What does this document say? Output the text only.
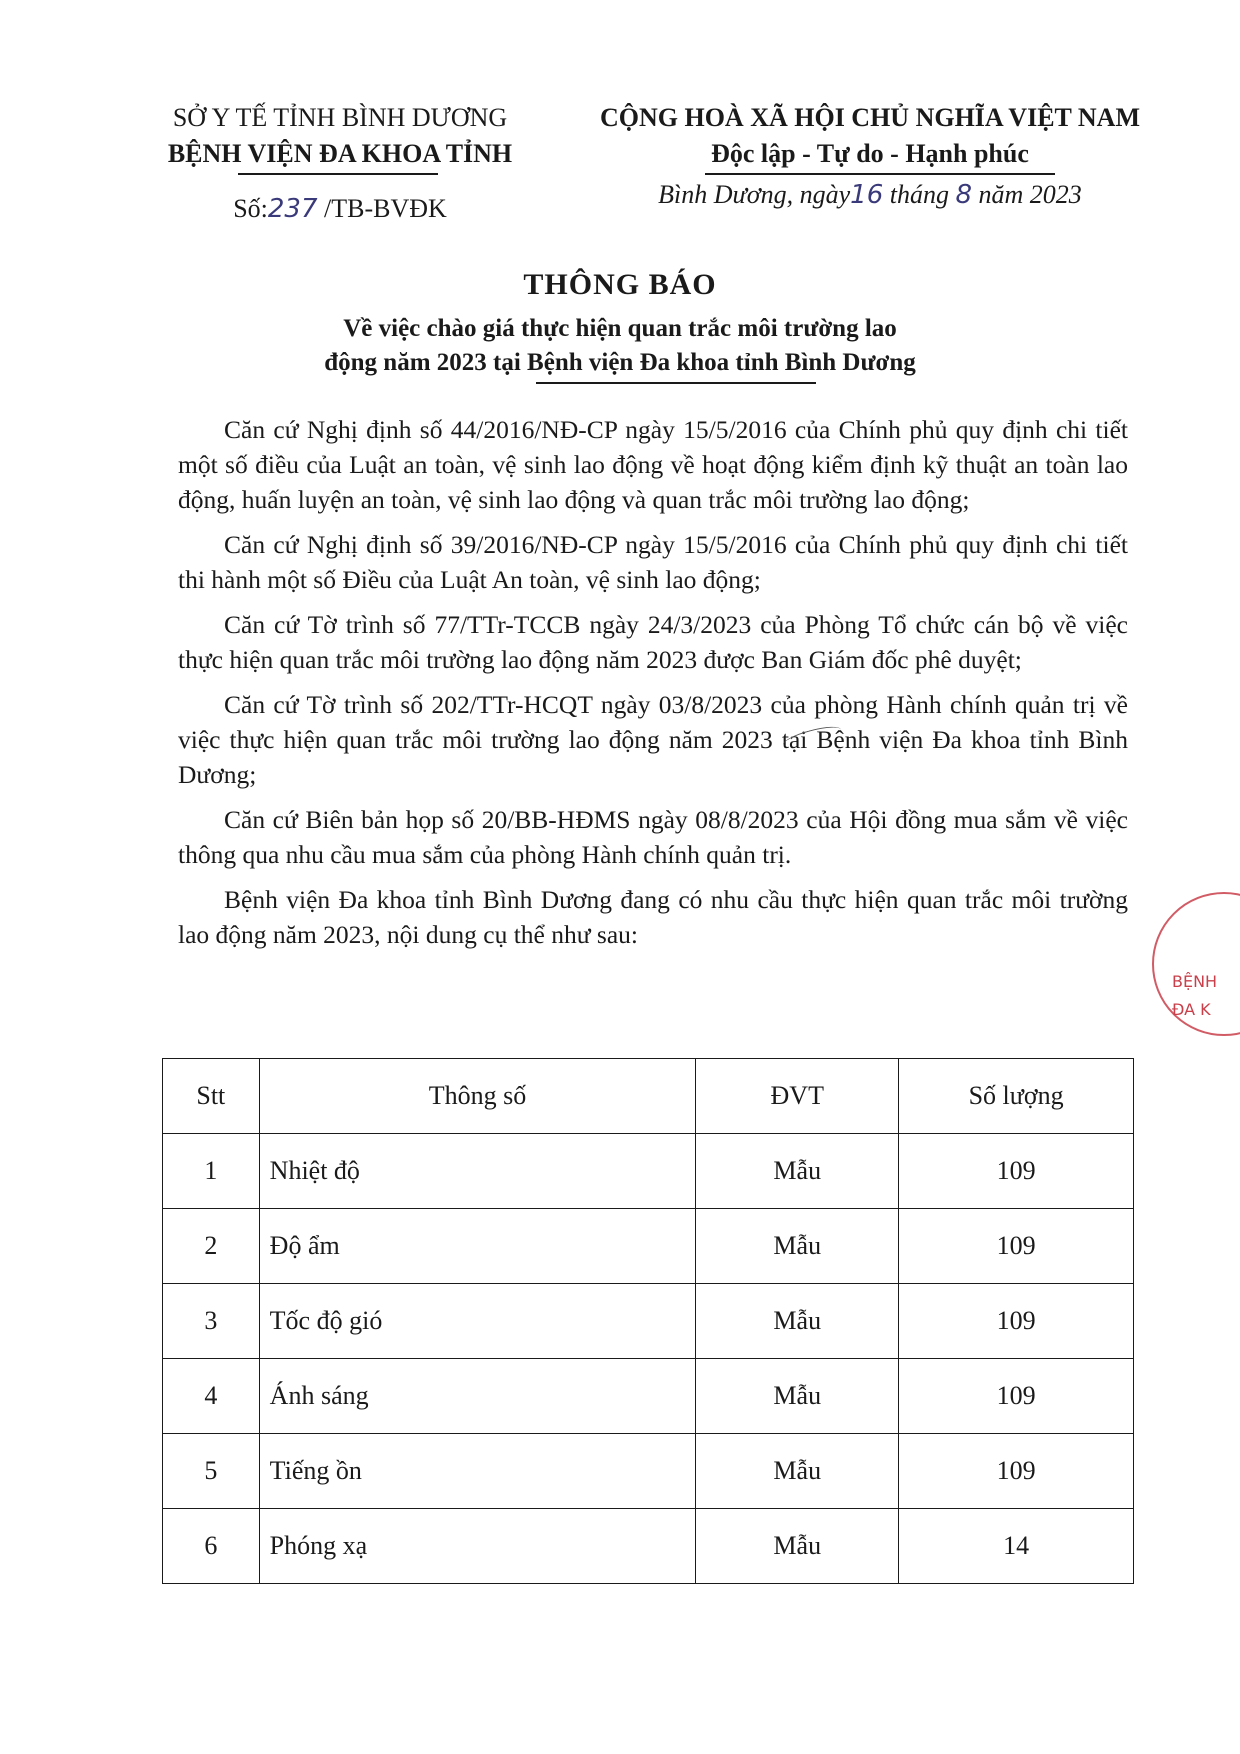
SỞ Y TẾ TỈNH BÌNH DƯƠNG
BỆNH VIỆN ĐA KHOA TỈNH
Số:237 /TB-BVĐK
CỘNG HOÀ XÃ HỘI CHỦ NGHĨA VIỆT NAM
Độc lập - Tự do - Hạnh phúc
Bình Dương, ngày16 tháng 8 năm 2023
THÔNG BÁO
Về việc chào giá thực hiện quan trắc môi trường lao
động năm 2023 tại Bệnh viện Đa khoa tỉnh Bình Dương

Căn cứ Nghị định số 44/2016/NĐ-CP ngày 15/5/2016 của Chính phủ quy định chi tiết một số điều của Luật an toàn, vệ sinh lao động về hoạt động kiểm định kỹ thuật an toàn lao động, huấn luyện an toàn, vệ sinh lao động và quan trắc môi trường lao động;

Căn cứ Nghị định số 39/2016/NĐ-CP ngày 15/5/2016 của Chính phủ quy định chi tiết thi hành một số Điều của Luật An toàn, vệ sinh lao động;

Căn cứ Tờ trình số 77/TTr-TCCB ngày 24/3/2023 của Phòng Tổ chức cán bộ về việc thực hiện quan trắc môi trường lao động năm 2023 được Ban Giám đốc phê duyệt;

Căn cứ Tờ trình số 202/TTr-HCQT ngày 03/8/2023 của phòng Hành chính quản trị về việc thực hiện quan trắc môi trường lao động năm 2023 tại Bệnh viện Đa khoa tỉnh Bình Dương;

Căn cứ Biên bản họp số 20/BB-HĐMS ngày 08/8/2023 của Hội đồng mua sắm về việc thông qua nhu cầu mua sắm của phòng Hành chính quản trị.

Bệnh viện Đa khoa tỉnh Bình Dương đang có nhu cầu thực hiện quan trắc môi trường lao động năm 2023, nội dung cụ thể như sau:

Stt	Thông số	ĐVT	Số lượng
1	Nhiệt độ	Mẫu	109
2	Độ ẩm	Mẫu	109
3	Tốc độ gió	Mẫu	109
4	Ánh sáng	Mẫu	109
5	Tiếng ồn	Mẫu	109
6	Phóng xạ	Mẫu	14
BỆNH
ĐA K
